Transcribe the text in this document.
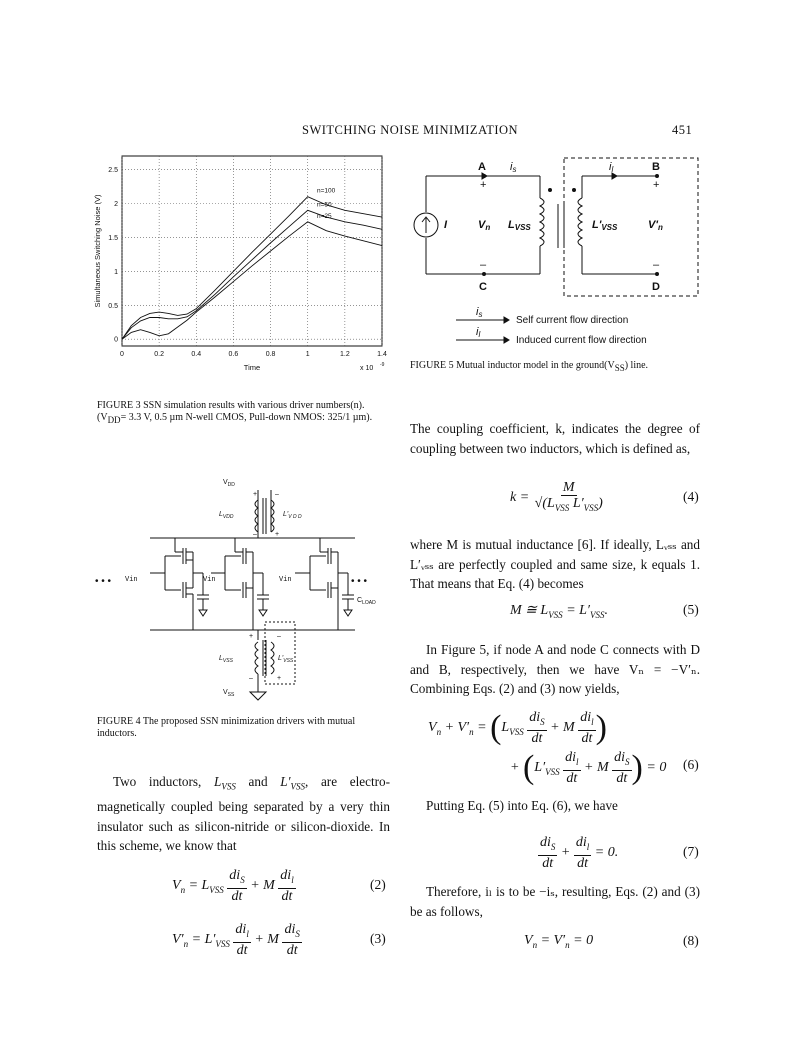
SWITCHING NOISE MINIMIZATION	451
0	0.2	0.4	0.6	0.8	1	1.2	1.4
0
0.5
1
1.5
2
2.5
Time	x 10 -9
Simultaneous Switching Noise (V)
n=100
n=50
n=25
FIGURE 3 SSN simulation results with various driver numbers(n). ($V_{DD}= 3.3$ V, 0.5 µm N-well CMOS, Pull-down NMOS: 325/1 µm).
$V_{DD}$
$L_{VDD}$	$L'_{V D D}$
+	–
–	+
• • •	• • •
Vin	Vin	Vin
$C_{LOAD}$
$L_{VSS}$	$L'_{VSS}$
+	–
–	+
$V_{SS}$
FIGURE 4 The proposed SSN minimization drivers with mutual inductors.
Two inductors, $L_{VSS}$ and $L'_{VSS}$, are electro-magnetically coupled being separated by a very thin insulator such as silicon-nitride or silicon-dioxide. In this scheme, we know that
$V_n = L_{VSS} \frac{di_S}{dt} + M \frac{di_l}{dt}$	(2)
$V'_n = L'_{VSS} \frac{di_l}{dt} + M \frac{di_S}{dt}$	(3)
A	B
C	D
is	il
I	Vn LVSS	L'VSS	V'n
+	+
–	–
is
il
Self current flow direction
Induced current flow direction
FIGURE 5 Mutual inductor model in the $ground(V_{SS})$ line.
The coupling coefficient, k, indicates the degree of coupling between two inductors, which is defined as,
$k = \frac{M}{√(L_{VSS} L'_{VSS})}$	(4)
where M is mutual inductance [6]. If ideally, Lᵥₛₛ and L′ᵥₛₛ are perfectly coupled and same size, k equals 1. That means that Eq. (4) becomes
M ≅ $L_{VSS} = L'_{VSS}$.	(5)
In Figure 5, if node A and node C connects with D and B, respectively, then we have Vₙ = −V′ₙ. Combining Eqs. (2) and (3) now yields,
$V_n + V'_n = (L_{VSS} \frac{di_S}{dt} + M \frac{di_l}{dt}$ )
+ ($L'_{VSS} \frac{di_l}{dt} + M \frac{di_S}{dt}$ ) = 0 (6)
Putting Eq. (5) into Eq. (6), we have
$\frac{di_S}{dt} + \frac{di_l}{dt} = 0$.	(7)
Therefore, iₗ is to be −iₛ, resulting, Eqs. (2) and (3) be as follows,
$V_n = V'_n = 0$	(8)
